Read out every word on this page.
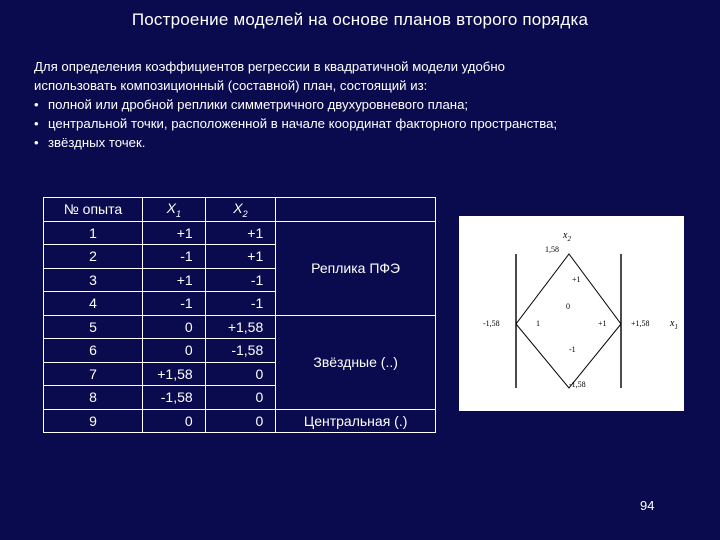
Построение моделей на основе планов второго порядка
Для определения коэффициентов регрессии в квадратичной модели удобно
использовать композиционный (составной) план, состоящий из:
• полной или дробной реплики симметричного двухуровневого плана;
• центральной точки, расположенной в начале координат факторного пространства;
• звёздных точек.
№ опыта	$X_1$	$X_2$	
1	+1	+1	Реплика ПФЭ
2	-1	+1	
3	+1	-1	
4	-1	-1	
5	0	+1,58	Звёздные (..)
6	0	-1,58	
7	+1,58	0	
8	-1,58	0	
9	0	0	Центральная (.)
$x_2$
1,58
+1
0
-1,58	1	+1	+1,58 $x_1$
-1
-1,58
94
